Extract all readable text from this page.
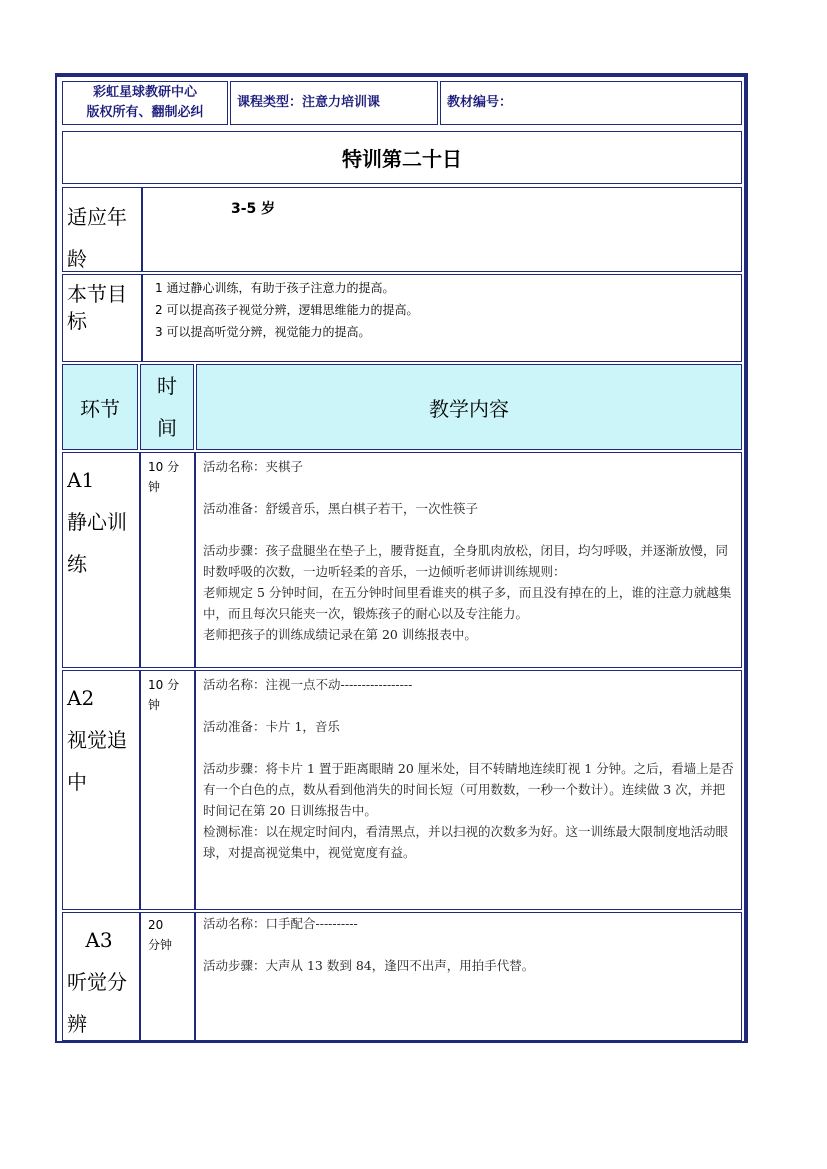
彩虹星球教研中心
版权所有、翻制必纠
课程类型：注意力培训课	教材编号：
特训第二十日
适应年龄
3-5 岁
本节目标
1 通过静心训练，有助于孩子注意力的提高。
2 可以提高孩子视觉分辨，逻辑思维能力的提高。
3 可以提高听觉分辨，视觉能力的提高。
环节
时间
教学内容
A1
静心训练
10 分钟
活动名称：夹棋子
活动准备：舒缓音乐，黑白棋子若干，一次性筷子
活动步骤：孩子盘腿坐在垫子上，腰背挺直，全身肌肉放松，闭目，均匀呼吸，并逐渐放慢，同时数呼吸的次数，一边听轻柔的音乐，一边倾听老师讲训练规则：
老师规定 5 分钟时间，在五分钟时间里看谁夹的棋子多，而且没有掉在的上，谁的注意力就越集中，而且每次只能夹一次，锻炼孩子的耐心以及专注能力。
老师把孩子的训练成绩记录在第 20 训练报表中。
A2
视觉追中
10 分钟
活动名称：注视一点不动-----------------
活动准备：卡片 1，音乐
活动步骤：将卡片 1 置于距离眼睛 20 厘米处，目不转睛地连续盯视 1 分钟。之后，看墙上是否有一个白色的点，数从看到他消失的时间长短（可用数数，一秒一个数计）。连续做 3 次，并把时间记在第 20 日训练报告中。
检测标准：以在规定时间内，看清黑点，并以扫视的次数多为好。这一训练最大限制度地活动眼球，对提高视觉集中，视觉宽度有益。
A3
听觉分辨
20 分钟
活动名称：口手配合----------
活动步骤：大声从 13 数到 84，逢四不出声，用拍手代替。
